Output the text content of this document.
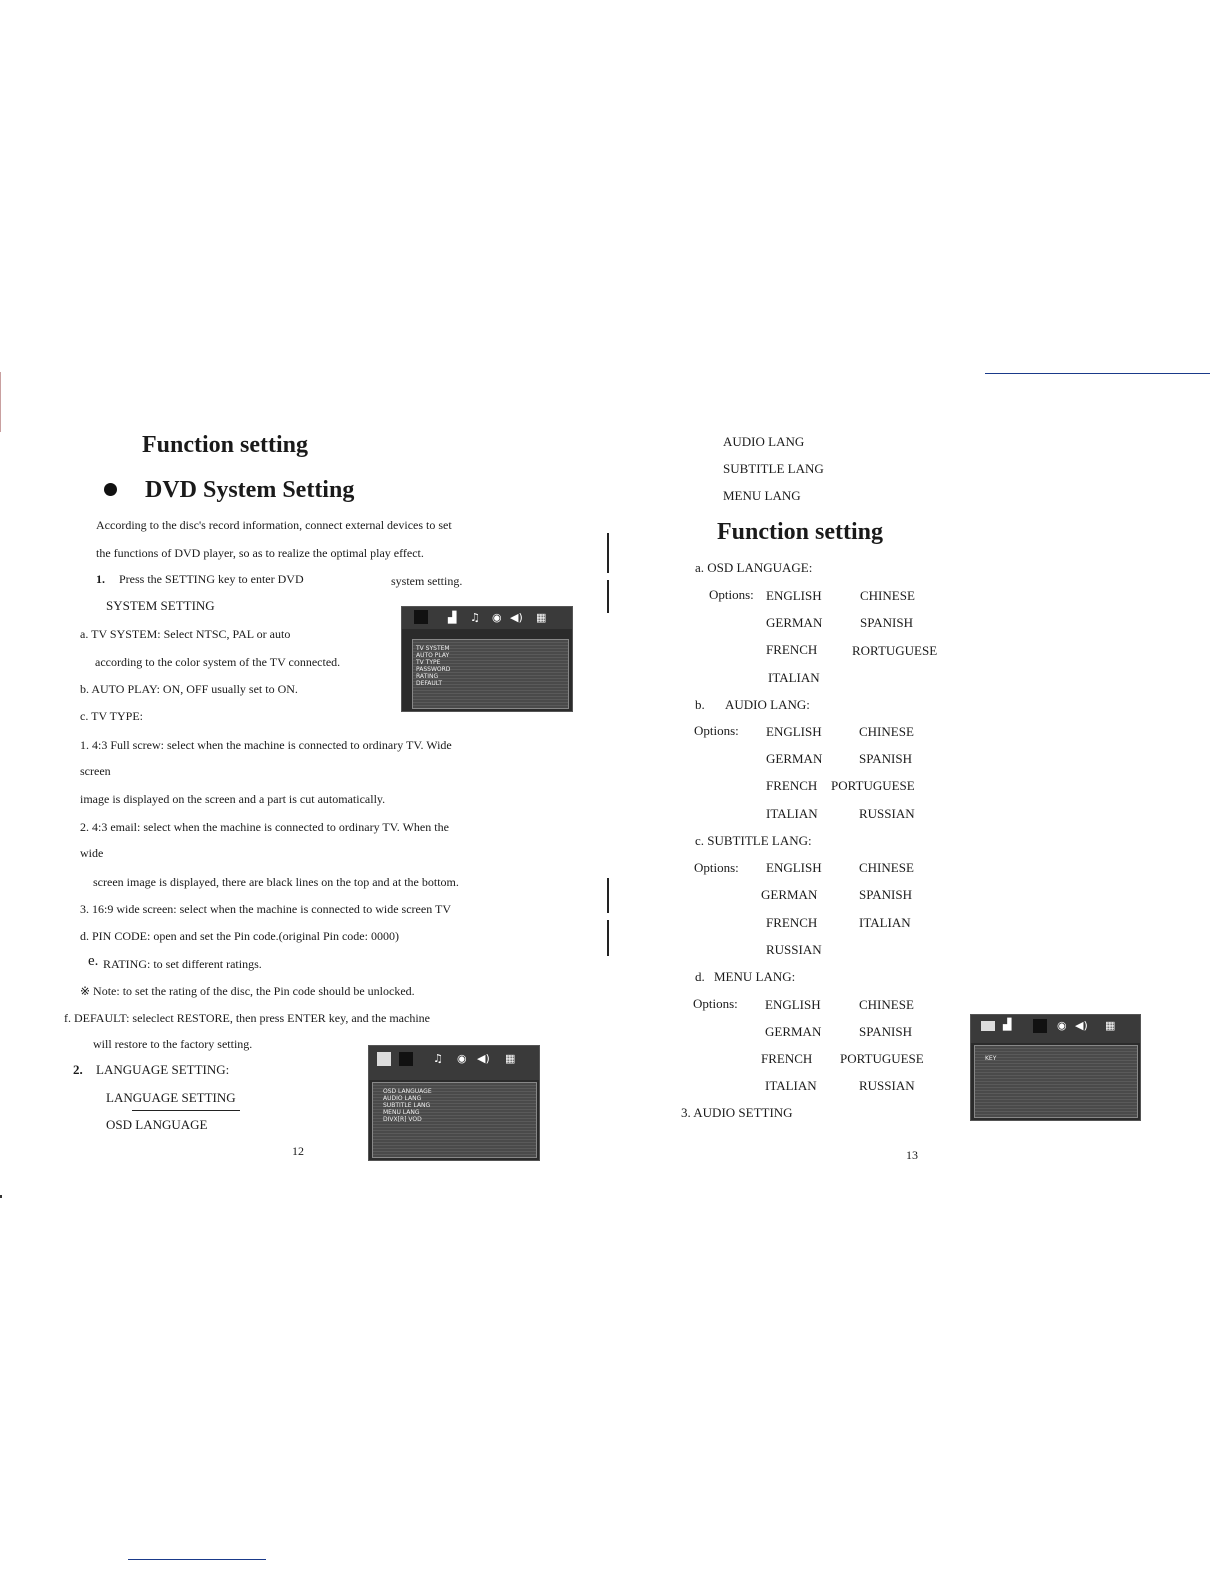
Function setting
DVD System Setting
According to the disc's record information, connect external devices to set
the functions of DVD player, so as to realize the optimal play effect.
1. Press the SETTING key to enter DVD	system setting.
SYSTEM SETTING
a. TV SYSTEM: Select NTSC, PAL or auto
according to the color system of the TV connected.
b. AUTO PLAY: ON, OFF usually set to ON.
c. TV TYPE:
1. 4:3 Full screw: select when the machine is connected to ordinary TV. Wide
screen
image is displayed on the screen and a part is cut automatically.
2. 4:3 email: select when the machine is connected to ordinary TV. When the
wide
screen image is displayed, there are black lines on the top and at the bottom.
3. 16:9 wide screen: select when the machine is connected to wide screen TV
d. PIN CODE: open and set the Pin code.(original Pin code: 0000)
e. RATING: to set different ratings.
※ Note: to set the rating of the disc, the Pin code should be unlocked.
f. DEFAULT: seleclect RESTORE, then press ENTER key, and the machine
will restore to the factory setting.
2. LANGUAGE SETTING:
LANGUAGE SETTING
OSD LANGUAGE
12
▟ ♫ ◉ ◀) ▦
TV SYSTEM
AUTO PLAY
TV TYPE
PASSWORD
RATING
DEFAULT
♫ ◉ ◀) ▦
OSD LANGUAGE
AUDIO LANG
SUBTITLE LANG
MENU LANG
DIVX[R] VOD
AUDIO LANG
SUBTITLE LANG
MENU LANG
Function setting
a. OSD LANGUAGE:
Options: ENGLISH	CHINESE
GERMAN	SPANISH
FRENCH	RORTUGUESE
ITALIAN
b. AUDIO LANG:
Options: ENGLISH	CHINESE
GERMAN	SPANISH
FRENCH PORTUGUESE
ITALIAN	RUSSIAN
c. SUBTITLE LANG:
Options: ENGLISH	CHINESE
GERMAN	SPANISH
FRENCH	ITALIAN
RUSSIAN
d. MENU LANG:
Options: ENGLISH	CHINESE
GERMAN	SPANISH
FRENCH PORTUGUESE
ITALIAN	RUSSIAN
3. AUDIO SETTING
13
▟	◉ ◀) ▦
KEY
